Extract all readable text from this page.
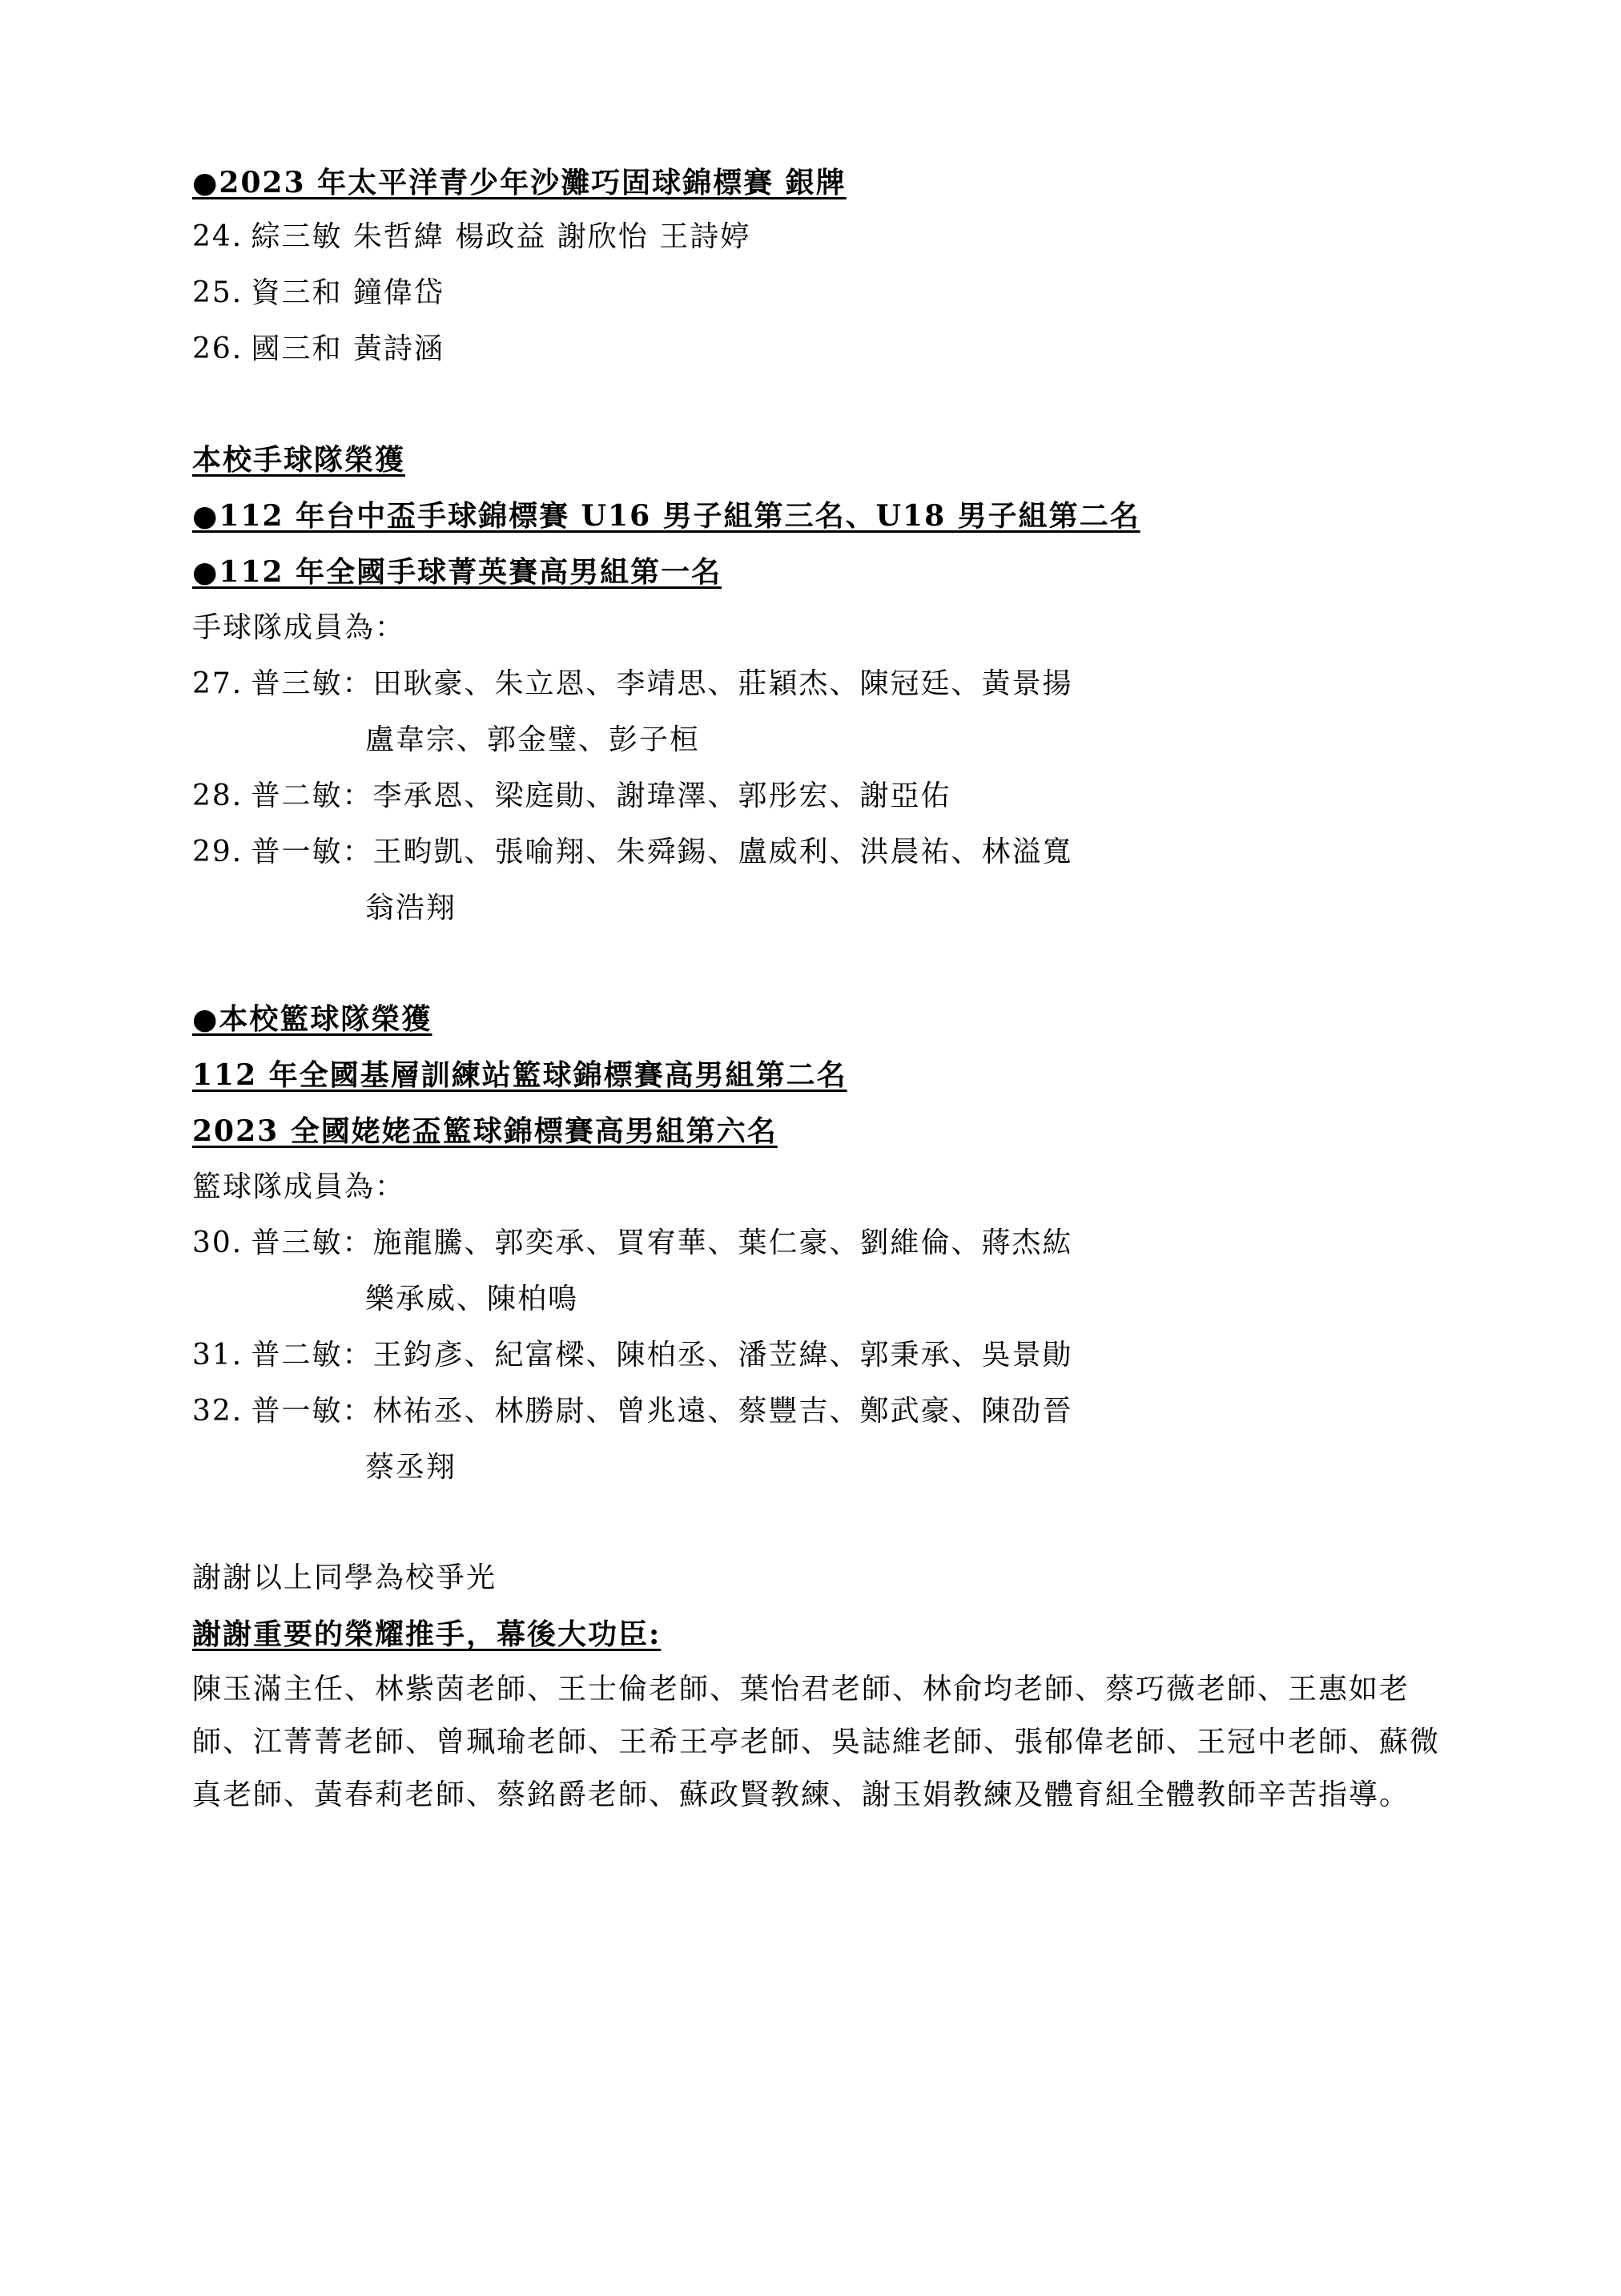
●2023 年太平洋青少年沙灘巧固球錦標賽 銀牌
24. 綜三敏 朱哲緯 楊政益 謝欣怡 王詩婷
25. 資三和 鐘偉岱
26. 國三和 黃詩涵
本校手球隊榮獲
●112 年台中盃手球錦標賽 U16 男子組第三名、U18 男子組第二名
●112 年全國手球菁英賽高男組第一名
手球隊成員為：
27. 普三敏：田耿豪、朱立恩、李靖思、莊穎杰、陳冠廷、黃景揚
盧韋宗、郭金璧、彭子桓
28. 普二敏：李承恩、梁庭勛、謝瑋澤、郭彤宏、謝亞佑
29. 普一敏：王畇凱、張喻翔、朱舜錫、盧威利、洪晨祐、林溢寬
翁浩翔
●本校籃球隊榮獲
112 年全國基層訓練站籃球錦標賽高男組第二名
2023 全國姥姥盃籃球錦標賽高男組第六名
籃球隊成員為：
30. 普三敏：施龍騰、郭奕承、買宥華、葉仁豪、劉維倫、蔣杰紘
樂承威、陳柏鳴
31. 普二敏：王鈞彥、紀富樑、陳柏丞、潘苙緯、郭秉承、吳景勛
32. 普一敏：林祐丞、林勝尉、曾兆遠、蔡豐吉、鄭武豪、陳劭晉
蔡丞翔
謝謝以上同學為校爭光
謝謝重要的榮耀推手，幕後大功臣:
陳玉滿主任、林紫茵老師、王士倫老師、葉怡君老師、林俞均老師、蔡巧薇老師、王惠如老師、江菁菁老師、曾珮瑜老師、王希王亭老師、吳誌維老師、張郁偉老師、王冠中老師、蘇微真老師、黃春莉老師、蔡銘爵老師、蘇政賢教練、謝玉娟教練及體育組全體教師辛苦指導。
